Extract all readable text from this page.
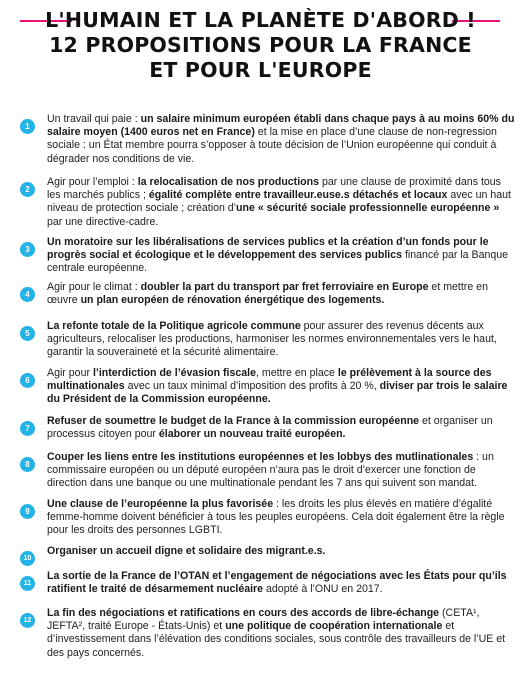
L'HUMAIN ET LA PLANÈTE D'ABORD !
12 PROPOSITIONS POUR LA FRANCE
ET POUR L'EUROPE
1
Un travail qui paie : un salaire minimum européen établi dans chaque pays à au moins 60% du salaire moyen (1400 euros net en France) et la mise en place d’une clause de non-regression sociale : un État membre pourra s’opposer à toute décision de l’Union européenne qui conduit à dégrader nos conditions de vie.
2
Agir pour l’emploi : la relocalisation de nos productions par une clause de proximité dans tous les marchés publics ; égalité complète entre travailleur.euse.s détachés et locaux avec un haut niveau de protection sociale ; création d’une « sécurité sociale professionnelle européenne » par une directive-cadre.
3
Un moratoire sur les libéralisations de services publics et la création d’un fonds pour le progrès social et écologique et le développement des services publics financé par la Banque centrale européenne.
4
Agir pour le climat : doubler la part du transport par fret ferroviaire en Europe et mettre en œuvre un plan européen de rénovation énergétique des logements.
5
La refonte totale de la Politique agricole commune pour assurer des revenus décents aux agriculteurs, relocaliser les productions, harmoniser les normes environnementales vers le haut, garantir la souveraineté et la sécurité alimentaire.
6
Agir pour l’interdiction de l’évasion fiscale, mettre en place le prélèvement à la source des multinationales avec un taux minimal d’imposition des profits à 20 %, diviser par trois le salaire du Président de la Commission européenne.
7
Refuser de soumettre le budget de la France à la commission européenne et organiser un processus citoyen pour élaborer un nouveau traité européen.
8
Couper les liens entre les institutions européennes et les lobbys des mutlinationales : un commissaire européen ou un député européen n’aura pas le droit d’exercer une fonction de direction dans une banque ou une multinationale pendant les 7 ans qui suivent son mandat.
9
Une clause de l’européenne la plus favorisée : les droits les plus élevés en matière d’égalité femme-homme doivent bénéficier à tous les peuples européens. Cela doit également être la règle pour les droits des personnes LGBTI.
10
Organiser un accueil digne et solidaire des migrant.e.s.
11
La sortie de la France de l’OTAN et l’engagement de négociations avec les États pour qu’ils ratifient le traité de désarmement nucléaire adopté à l’ONU en 2017.
12
La fin des négociations et ratifications en cours des accords de libre-échange (CETA¹, JEFTA², traité Europe - États-Unis) et une politique de coopération internationale et d’investissement dans l’élévation des conditions sociales, sous contrôle des travailleurs de l’UE et des pays concernés.
